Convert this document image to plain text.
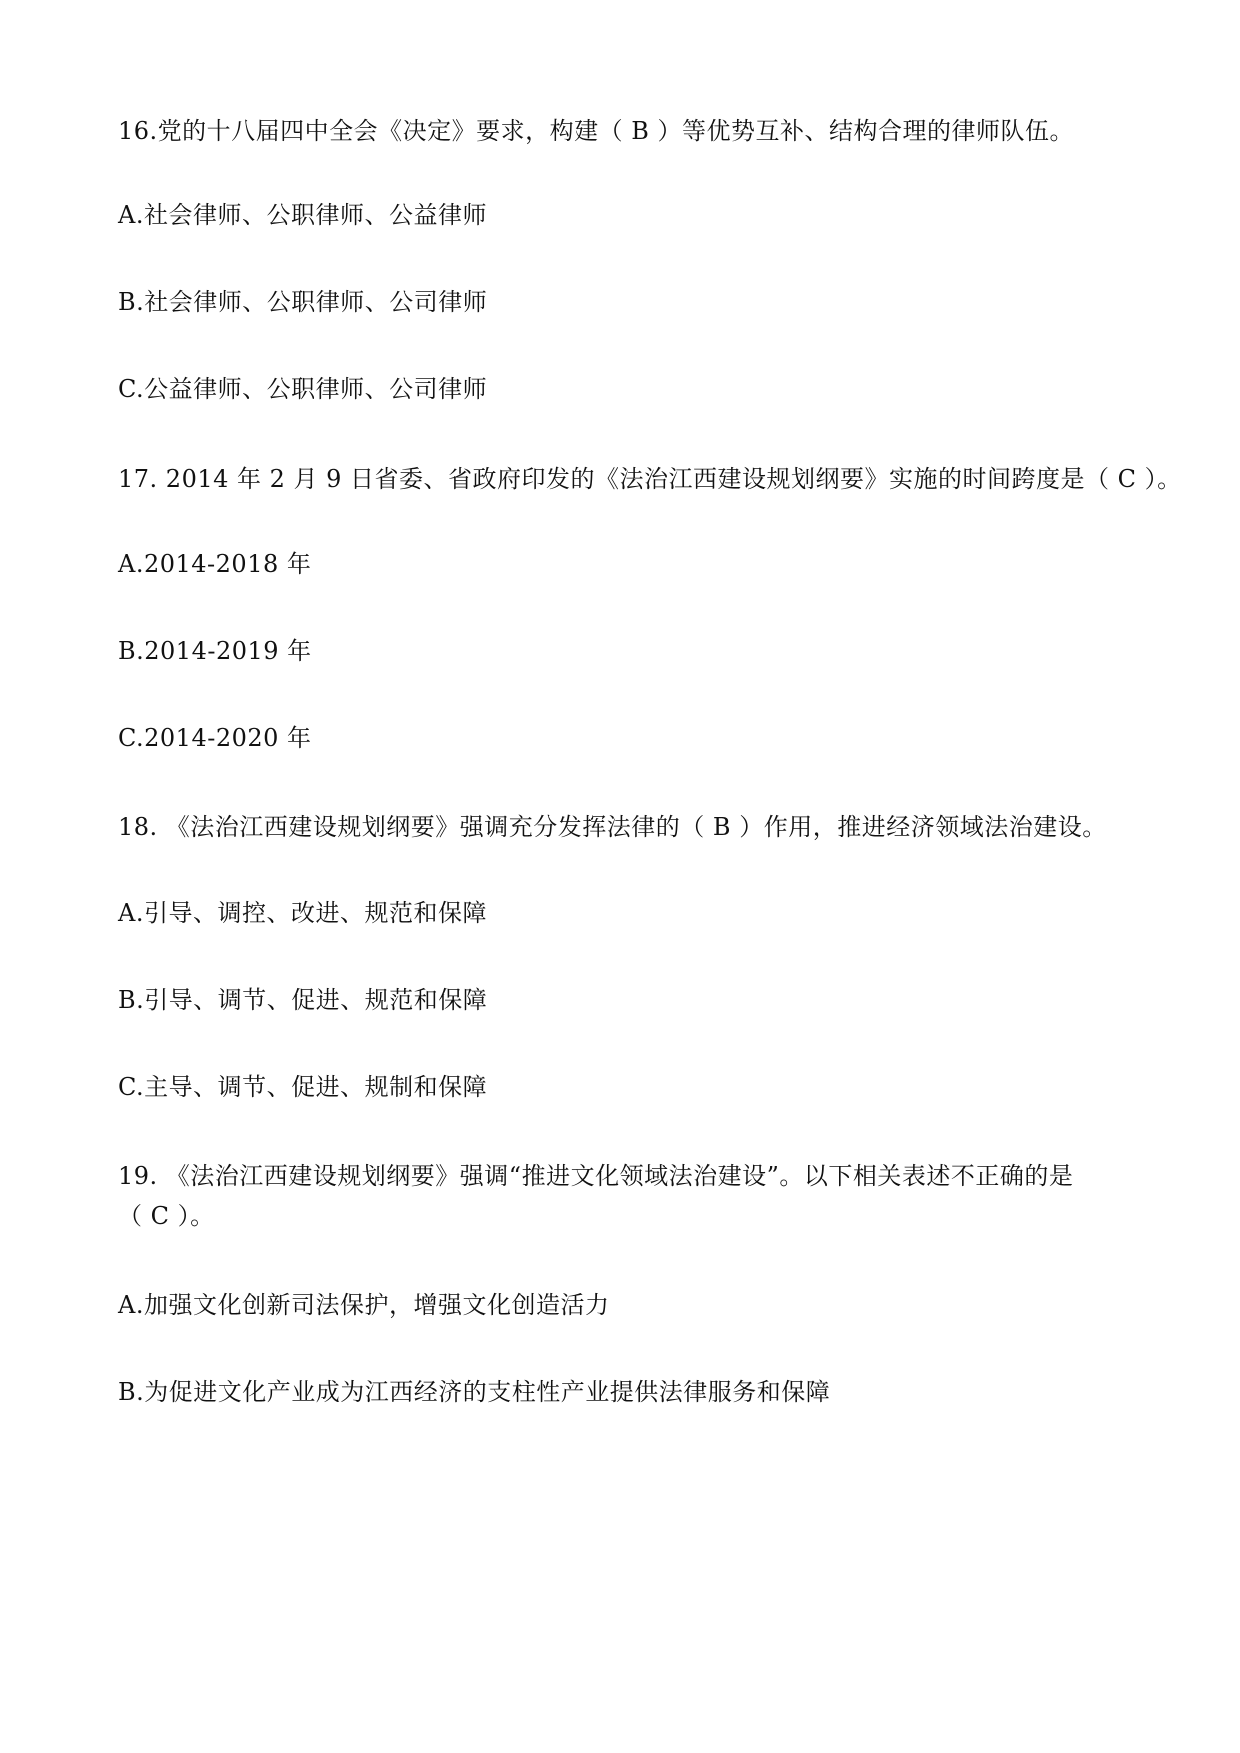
16.党的十八届四中全会《决定》要求，构建（ B ）等优势互补、结构合理的律师队伍。

A.社会律师、公职律师、公益律师

B.社会律师、公职律师、公司律师

C.公益律师、公职律师、公司律师

17. 2014 年 2 月 9 日省委、省政府印发的《法治江西建设规划纲要》实施的时间跨度是（ C ）。

A.2014-2018 年

B.2014-2019 年

C.2014-2020 年

18. 《法治江西建设规划纲要》强调充分发挥法律的（ B ）作用，推进经济领域法治建设。

A.引导、调控、改进、规范和保障

B.引导、调节、促进、规范和保障

C.主导、调节、促进、规制和保障

19. 《法治江西建设规划纲要》强调“推进文化领域法治建设”。以下相关表述不正确的是

（ C ）。

A.加强文化创新司法保护，增强文化创造活力

B.为促进文化产业成为江西经济的支柱性产业提供法律服务和保障
